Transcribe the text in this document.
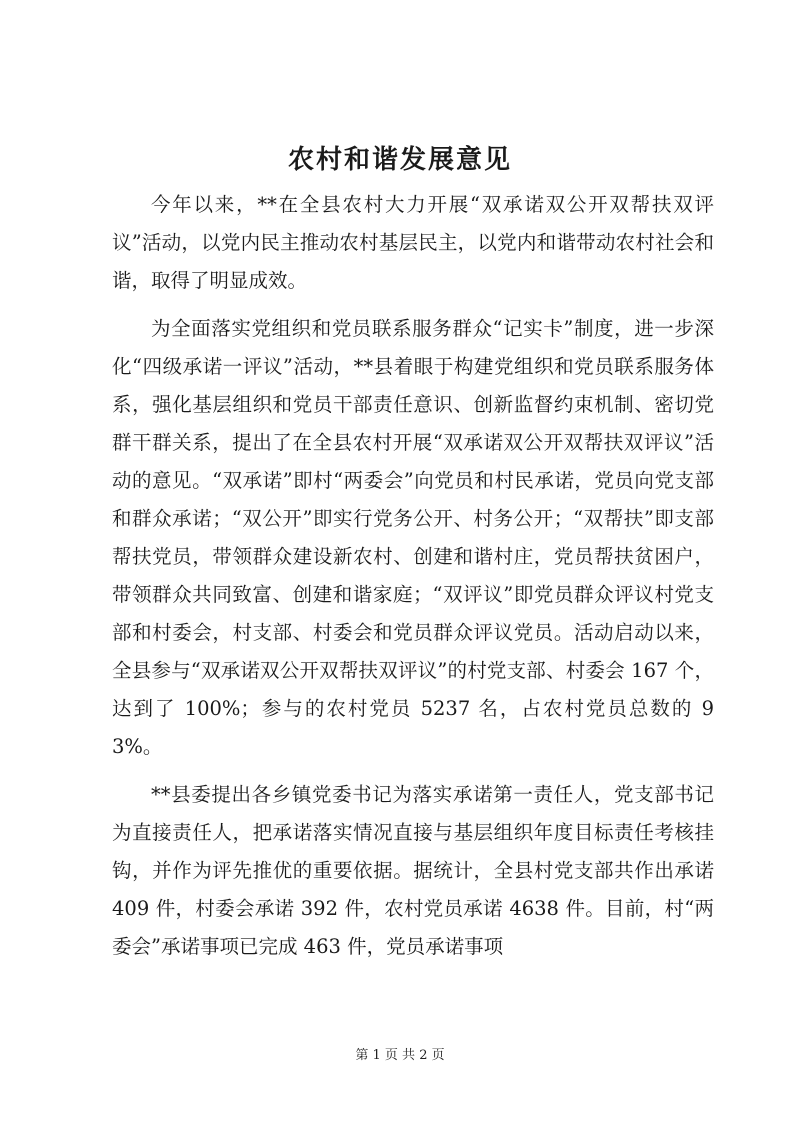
农村和谐发展意见

今年以来，**在全县农村大力开展“双承诺双公开双帮扶双评议”活动，以党内民主推动农村基层民主，以党内和谐带动农村社会和谐，取得了明显成效。

为全面落实党组织和党员联系服务群众“记实卡”制度，进一步深化“四级承诺一评议”活动，**县着眼于构建党组织和党员联系服务体系，强化基层组织和党员干部责任意识、创新监督约束机制、密切党群干群关系，提出了在全县农村开展“双承诺双公开双帮扶双评议”活动的意见。“双承诺”即村“两委会”向党员和村民承诺，党员向党支部和群众承诺；“双公开”即实行党务公开、村务公开；“双帮扶”即支部帮扶党员，带领群众建设新农村、创建和谐村庄，党员帮扶贫困户，带领群众共同致富、创建和谐家庭；“双评议”即党员群众评议村党支部和村委会，村支部、村委会和党员群众评议党员。活动启动以来，全县参与“双承诺双公开双帮扶双评议”的村党支部、村委会 167 个，达到了 100%；参与的农村党员 5237 名，占农村党员总数的 93%。

**县委提出各乡镇党委书记为落实承诺第一责任人，党支部书记为直接责任人，把承诺落实情况直接与基层组织年度目标责任考核挂钩，并作为评先推优的重要依据。据统计，全县村党支部共作出承诺 409 件，村委会承诺 392 件，农村党员承诺 4638 件。目前，村“两委会”承诺事项已完成 463 件，党员承诺事项

第 1 页 共 2 页
